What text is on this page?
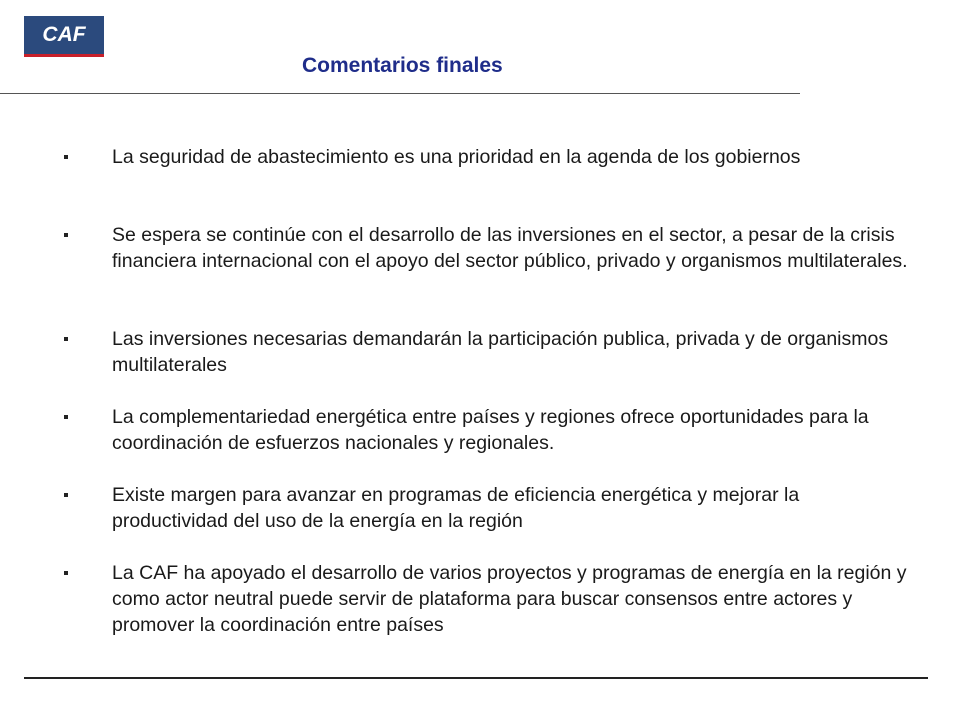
CAF
Comentarios finales
La seguridad de abastecimiento es una prioridad en la agenda de los gobiernos
Se espera se continúe con el desarrollo de las inversiones en el sector, a pesar de la crisis financiera internacional con el apoyo del sector público, privado y organismos multilaterales.
Las inversiones necesarias demandarán la participación publica, privada y de organismos multilaterales
La complementariedad energética entre países y regiones ofrece oportunidades para la coordinación de esfuerzos nacionales y regionales.
Existe margen para avanzar en programas de eficiencia energética y mejorar la productividad del uso de la energía en la región
La CAF ha apoyado el desarrollo de varios proyectos y programas de energía en la región y como actor neutral puede servir de plataforma para buscar consensos entre actores y promover la coordinación entre países
